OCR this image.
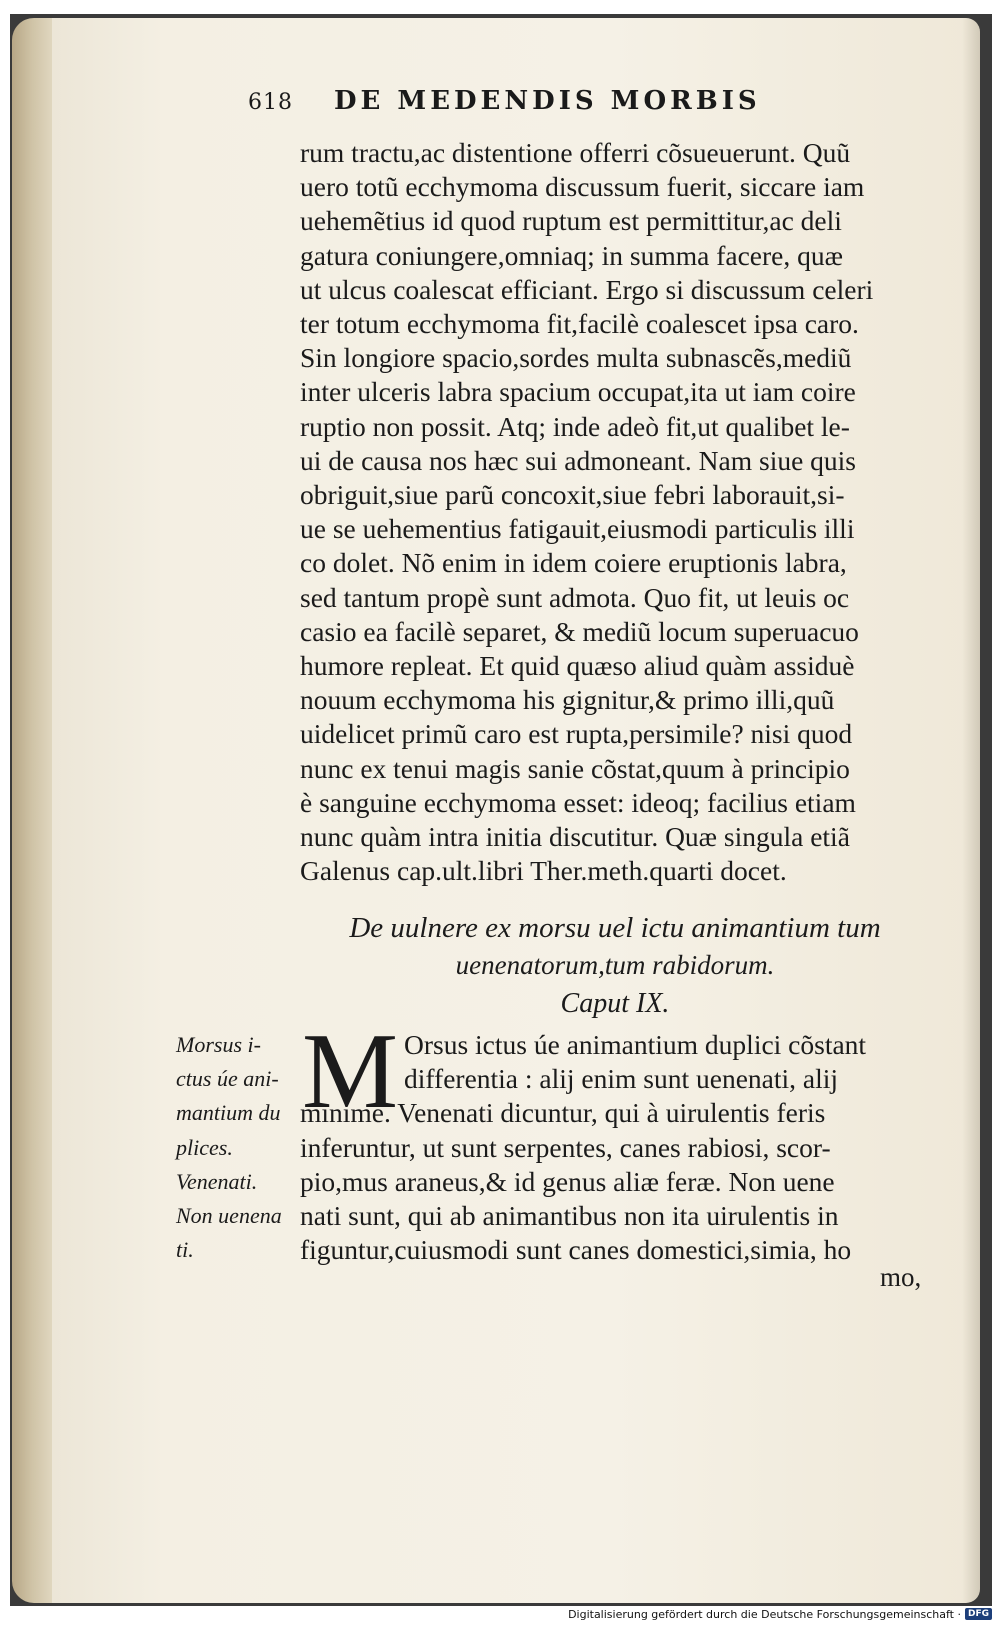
618 DE MEDENDIS MORBIS
rum tractu,ac distentione offerri cõsueuerunt. Quũ
uero totũ ecchymoma discussum fuerit, siccare iam
uehemẽtius id quod ruptum est permittitur,ac deli
gatura coniungere,omniaq; in summa facere, quæ
ut ulcus coalescat efficiant. Ergo si discussum celeri
ter totum ecchymoma fit,facilè coalescet ipsa caro.
Sin longiore spacio,sordes multa subnascẽs,mediũ
inter ulceris labra spacium occupat,ita ut iam coire
ruptio non possit. Atq; inde adeò fit,ut qualibet le-
ui de causa nos hæc sui admoneant. Nam siue quis
obriguit,siue parũ concoxit,siue febri laborauit,si-
ue se uehementius fatigauit,eiusmodi particulis illi
co dolet. Nõ enim in idem coiere eruptionis labra,
sed tantum propè sunt admota. Quo fit, ut leuis oc
casio ea facilè separet, & mediũ locum superuacuo
humore repleat. Et quid quæso aliud quàm assiduè
nouum ecchymoma his gignitur,& primo illi,quũ
uidelicet primũ caro est rupta,persimile? nisi quod
nunc ex tenui magis sanie cõstat,quum à principio
è sanguine ecchymoma esset: ideoq; facilius etiam
nunc quàm intra initia discutitur. Quæ singula etiã
Galenus cap.ult.libri Ther.meth.quarti docet.
De uulnere ex morsu uel ictu animantium tum
uenenatorum,tum rabidorum.
Caput IX.
M Orsus ictus úe animantium duplici cõstant
differentia : alij enim sunt uenenati, alij
minimè. Venenati dicuntur, qui à uirulentis feris
inferuntur, ut sunt serpentes, canes rabiosi, scor-
pio,mus araneus,& id genus aliæ feræ. Non uene
nati sunt, qui ab animantibus non ita uirulentis in
figuntur,cuiusmodi sunt canes domestici,simia, ho
Morsus i-
ctus úe ani-
mantium du
plices.
Venenati.
Non uenena
ti.
mo,
Digitalisierung gefördert durch die Deutsche Forschungsgemeinschaft · DFG
